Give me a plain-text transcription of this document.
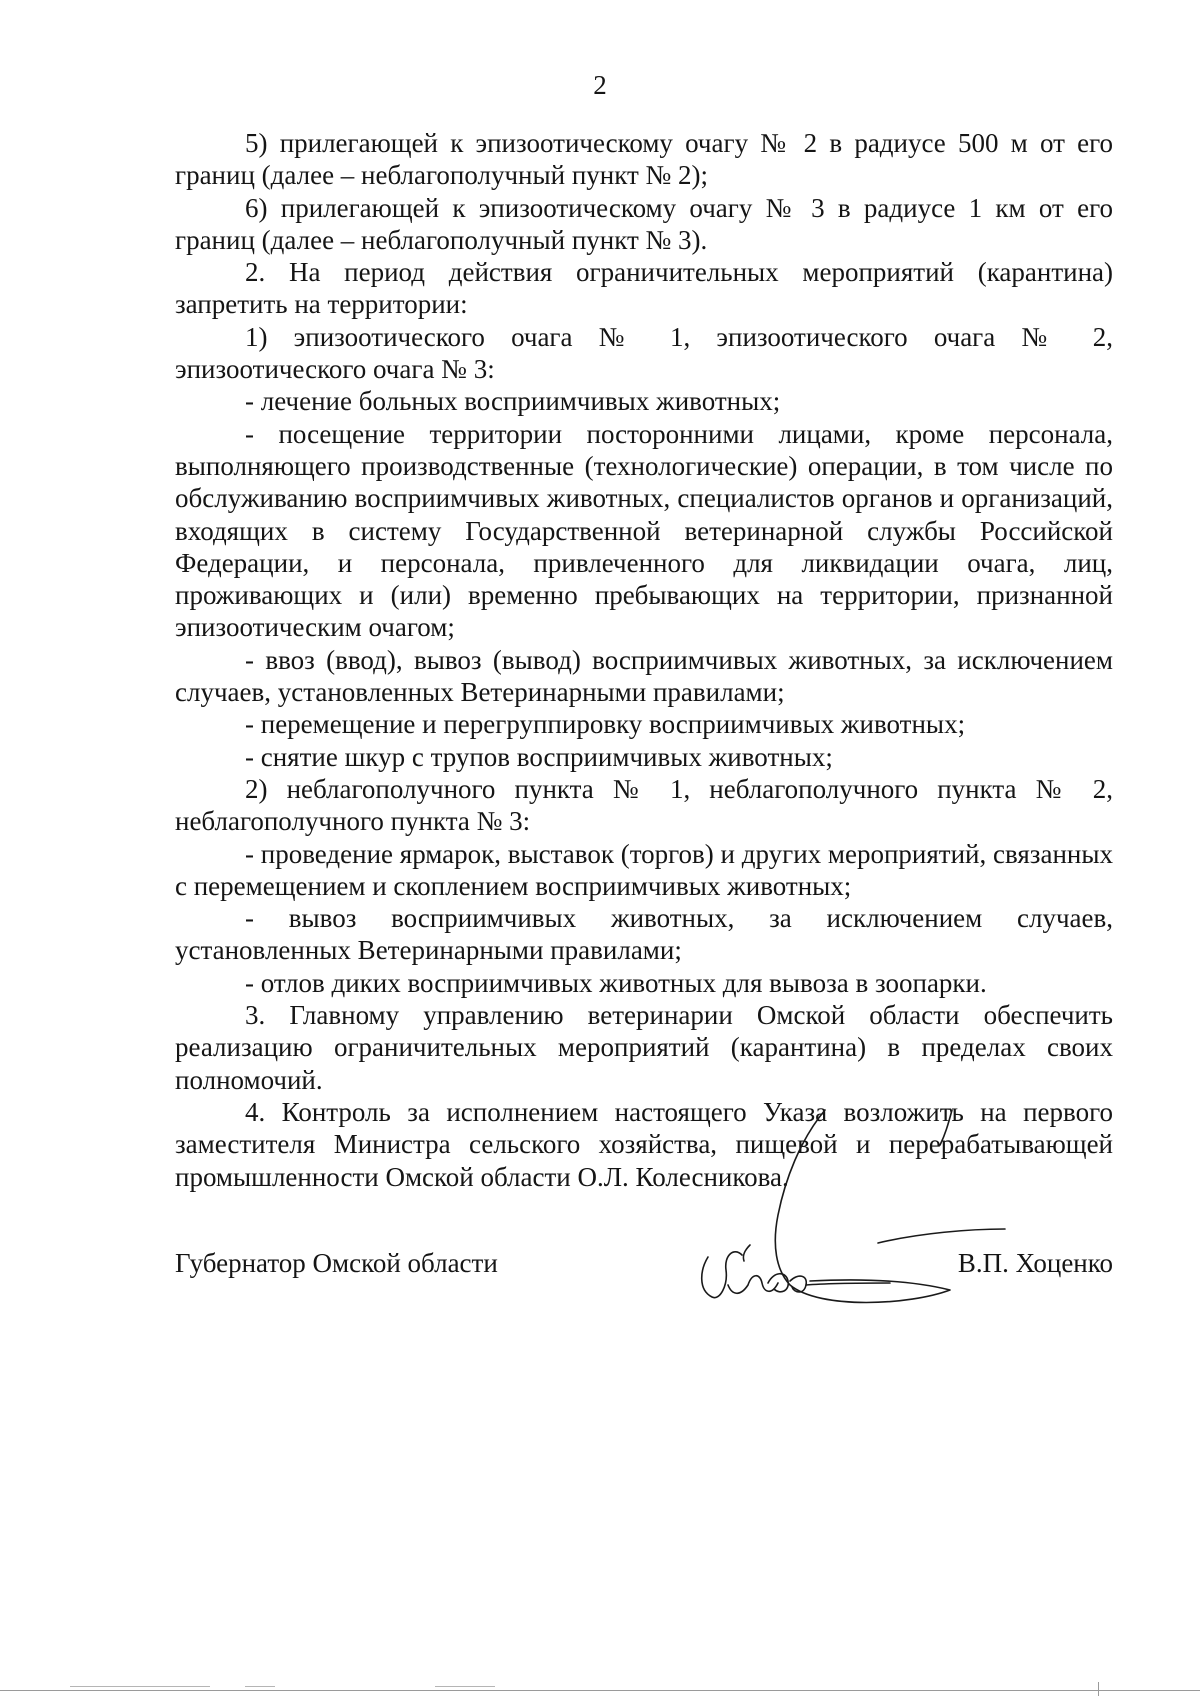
2

5) прилегающей к эпизоотическому очагу № 2 в радиусе 500 м от его границ (далее – неблагополучный пункт № 2);

6) прилегающей к эпизоотическому очагу № 3 в радиусе 1 км от его границ (далее – неблагополучный пункт № 3).

2. На период действия ограничительных мероприятий (карантина) запретить на территории:

1) эпизоотического очага № 1, эпизоотического очага № 2, эпизоотического очага № 3:

- лечение больных восприимчивых животных;

- посещение территории посторонними лицами, кроме персонала, выполняющего производственные (технологические) операции, в том числе по обслуживанию восприимчивых животных, специалистов органов и организаций, входящих в систему Государственной ветеринарной службы Российской Федерации, и персонала, привлеченного для ликвидации очага, лиц, проживающих и (или) временно пребывающих на территории, признанной эпизоотическим очагом;

- ввоз (ввод), вывоз (вывод) восприимчивых животных, за исключением случаев, установленных Ветеринарными правилами;

- перемещение и перегруппировку восприимчивых животных;

- снятие шкур с трупов восприимчивых животных;

2) неблагополучного пункта № 1, неблагополучного пункта № 2, неблагополучного пункта № 3:

- проведение ярмарок, выставок (торгов) и других мероприятий, связанных с перемещением и скоплением восприимчивых животных;

- вывоз восприимчивых животных, за исключением случаев, установленных Ветеринарными правилами;

- отлов диких восприимчивых животных для вывоза в зоопарки.

3. Главному управлению ветеринарии Омской области обеспечить реализацию ограничительных мероприятий (карантина) в пределах своих полномочий.

4. Контроль за исполнением настоящего Указа возложить на первого заместителя Министра сельского хозяйства, пищевой и перерабатывающей промышленности Омской области О.Л. Колесникова.

Губернатор Омской области	В.П. Хоценко
